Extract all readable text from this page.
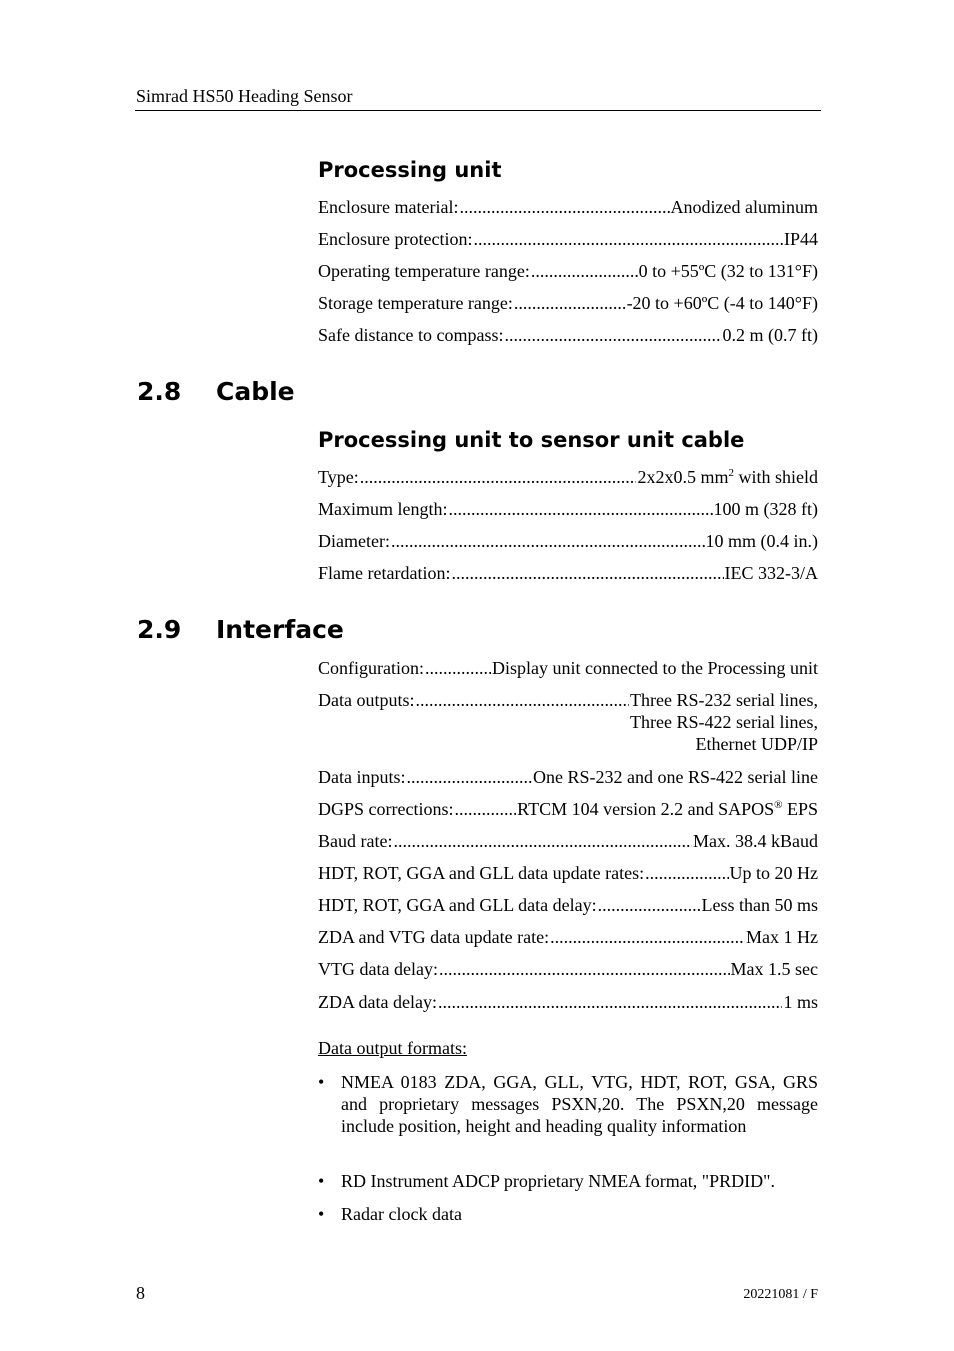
Simrad HS50 Heading Sensor
Processing unit
Enclosure material: .....	Anodized aluminum
Enclosure protection: .....	IP44
Operating temperature range: .....	0 to +55ºC (32 to 131°F)
Storage temperature range: .....	-20 to +60ºC (-4 to 140°F)
Safe distance to compass: .....	0.2 m (0.7 ft)
2.8 Cable
Processing unit to sensor unit cable
Type: .....	2x2x0.5 $mm^2$ with shield
Maximum length: .....	100 m (328 ft)
Diameter: .....	10 mm (0.4 in.)
Flame retardation: .....	IEC 332-3/A
2.9 Interface
Configuration: .....	Display unit connected to the Processing unit
Data outputs: .....	Three RS-232 serial lines,
Three RS-422 serial lines,
Ethernet UDP/IP
Data inputs: .....	One RS-232 and one RS-422 serial line
DGPS corrections: .....	RTCM 104 version 2.2 and SAPOS® EPS
Baud rate: .....	Max. 38.4 kBaud
HDT, ROT, GGA and GLL data update rates: .....	Up to 20 Hz
HDT, ROT, GGA and GLL data delay: .....	Less than 50 ms
ZDA and VTG data update rate: .....	Max 1 Hz
VTG data delay: .....	Max 1.5 sec
ZDA data delay: .....	1 ms
Data output formats:
• NMEA 0183 ZDA, GGA, GLL, VTG, HDT, ROT, GSA, GRS and proprietary messages PSXN,20. The PSXN,20 message include position, height and heading quality information
• RD Instrument ADCP proprietary NMEA format, "PRDID".
• Radar clock data
8	20221081 / F
